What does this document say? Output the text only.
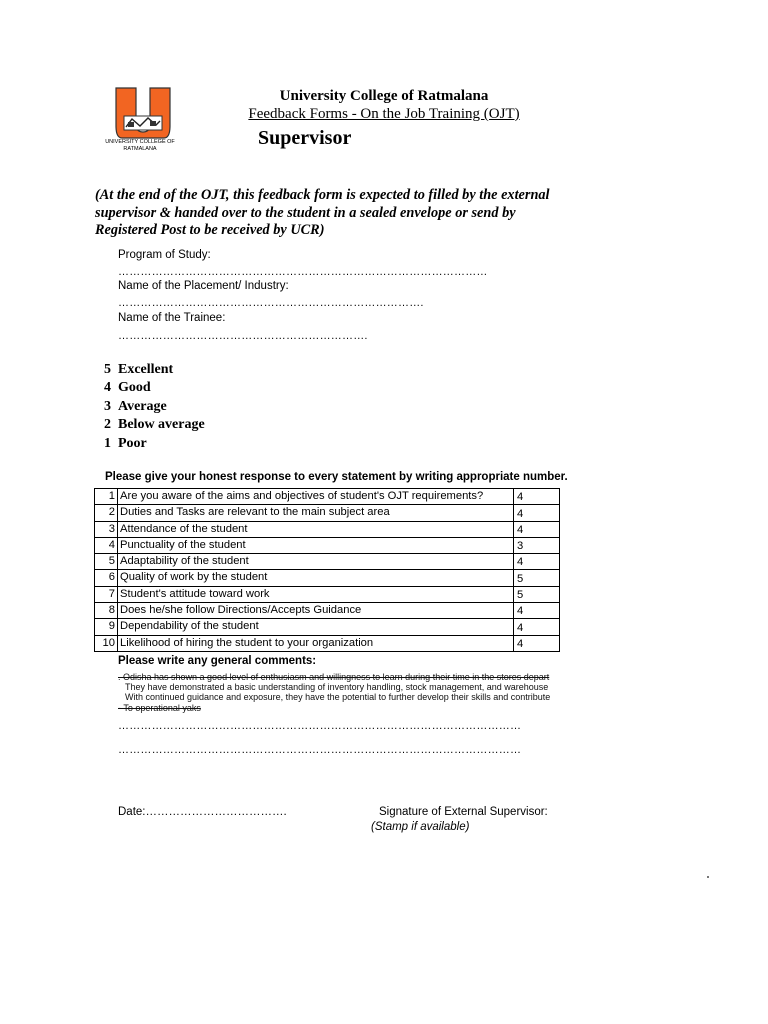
UNIVERSITY COLLEGE OF
RATMALANA
University College of Ratmalana
Feedback Forms - On the Job Training (OJT)
Supervisor
(At the end of the OJT, this feedback form is expected to filled by the external supervisor & handed over to the student in a sealed envelope or send by Registered Post to be received by UCR)
Program of Study:
………………………………………………………………………………………
Name of the Placement/ Industry:
……………………………………………………………………….
Name of the Trainee:
………………………………………………………….
5 Excellent
4 Good
3 Average
2 Below average
1 Poor
Please give your honest response to every statement by writing appropriate number.
1	Are you aware of the aims and objectives of student's OJT requirements?	4
2	Duties and Tasks are relevant to the main subject area	4
3	Attendance of the student	4
4	Punctuality of the student	3
5	Adaptability of the student	4
6	Quality of work by the student	5
7	Student's attitude toward work	5
8	Does he/she follow Directions/Accepts Guidance	4
9	Dependability of the student	4
10	Likelihood of hiring the student to your organization	4
Please write any general comments:
. Odisha has shown a good level of enthusiasm and willingness to learn during their time in the stores depart
They have demonstrated a basic understanding of inventory handling, stock management, and warehouse
With continued guidance and exposure, they have the potential to further develop their skills and contribute
- To operational yaks
………………………………………………………………………………………………
………………………………………………………………………………………………
Date:……………………………….	Signature of External Supervisor:
(Stamp if available)
